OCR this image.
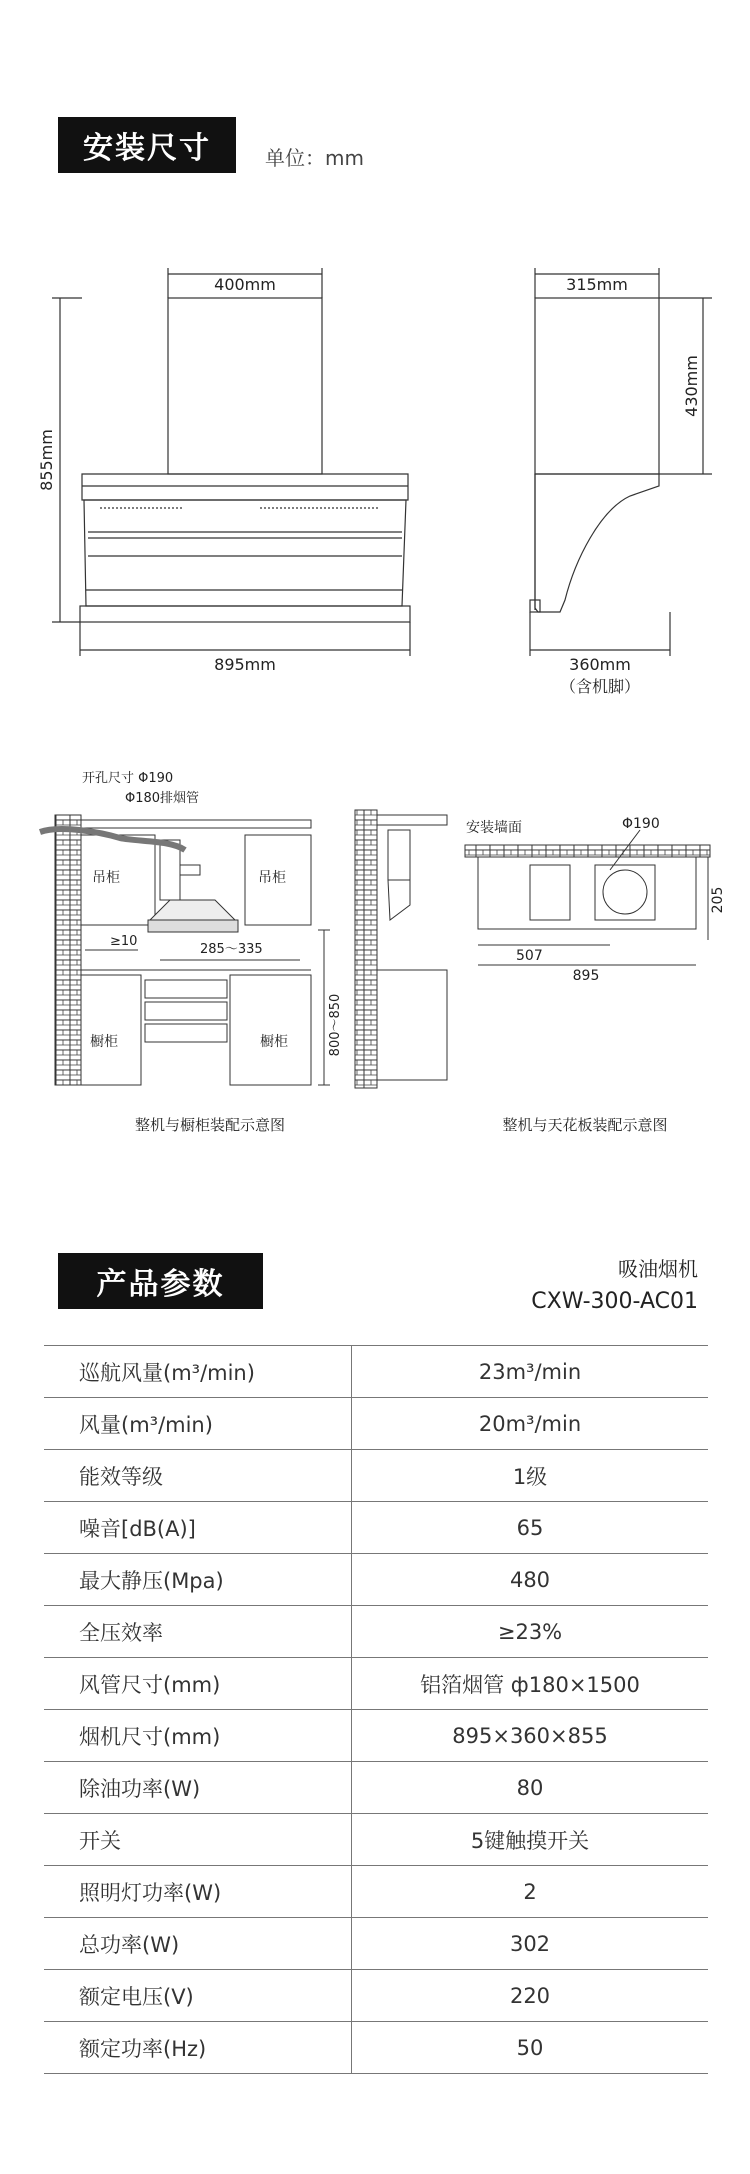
安装尺寸	单位：mm
400mm
895mm
855mm
315mm
430mm
360mm
（含机脚）
开孔尺寸 Φ190
Φ180排烟管
吊柜	吊柜
橱柜	橱柜
≥10
285～335
800～850
整机与橱柜装配示意图
安装墙面	Φ190
507
895
205
整机与天花板装配示意图
产品参数	吸油烟机
CXW-300-AC01
巡航风量(m³/min)	23m³/min
风量(m³/min)	20m³/min
能效等级	1级
噪音[dB(A)]	65
最大静压(Mpa)	480
全压效率	≥23%
风管尺寸(mm)	铝箔烟管 ф180×1500
烟机尺寸(mm)	895×360×855
除油功率(W)	80
开关	5键触摸开关
照明灯功率(W)	2
总功率(W)	302
额定电压(V)	220
额定功率(Hz)	50
